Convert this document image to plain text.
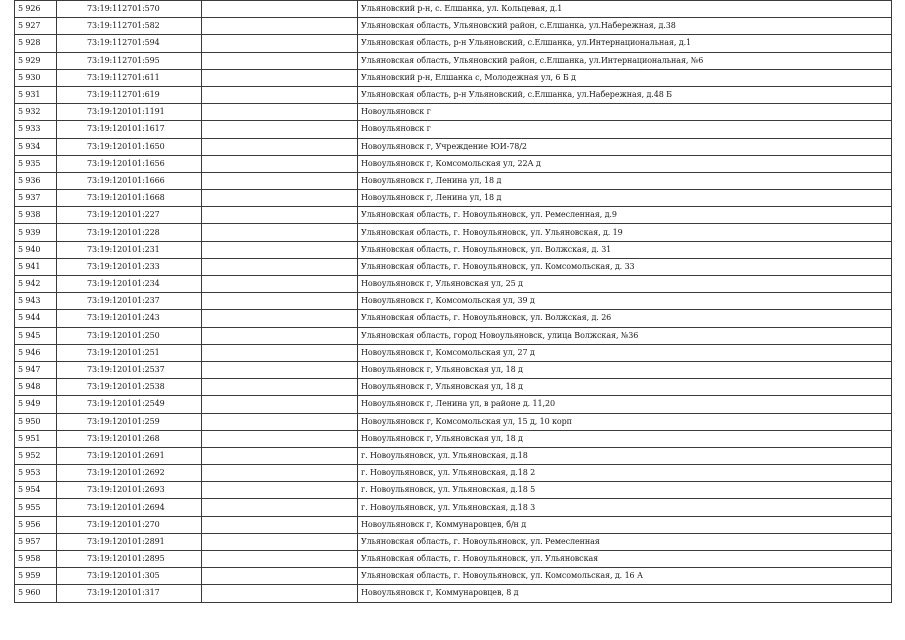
5 926	73:19:112701:570		Ульяновский р-н, с. Елшанка, ул. Кольцевая, д.1
5 927	73:19:112701:582		Ульяновская область, Ульяновский район, с.Елшанка, ул.Набережная, д.38
5 928	73:19:112701:594		Ульяновская область, р-н Ульяновский, с.Елшанка, ул.Интернациональная, д.1
5 929	73:19:112701:595		Ульяновская область, Ульяновский район, с.Елшанка, ул.Интернациональная, №6
5 930	73:19:112701:611		Ульяновский р-н, Елшанка с, Молодежная ул, 6 Б д
5 931	73:19:112701:619		Ульяновская область, р-н Ульяновский, с.Елшанка, ул.Набережная, д.48 Б
5 932	73:19:120101:1191		Новоульяновск г
5 933	73:19:120101:1617		Новоульяновск г
5 934	73:19:120101:1650		Новоульяновск г, Учреждение ЮИ-78/2
5 935	73:19:120101:1656		Новоульяновск г, Комсомольская ул, 22А д
5 936	73:19:120101:1666		Новоульяновск г, Ленина ул, 18 д
5 937	73:19:120101:1668		Новоульяновск г, Ленина ул, 18 д
5 938	73:19:120101:227		Ульяновская область, г. Новоульяновск, ул. Ремесленная, д.9
5 939	73:19:120101:228		Ульяновская область, г. Новоульяновск, ул. Ульяновская, д. 19
5 940	73:19:120101:231		Ульяновская область, г. Новоульяновск, ул. Волжская, д. 31
5 941	73:19:120101:233		Ульяновская область, г. Новоульяновск, ул. Комсомольская, д. 33
5 942	73:19:120101:234		Новоульяновск г, Ульяновская ул, 25 д
5 943	73:19:120101:237		Новоульяновск г, Комсомольская ул, 39 д
5 944	73:19:120101:243		Ульяновская область, г. Новоульяновск, ул. Волжская, д. 26
5 945	73:19:120101:250		Ульяновская область, город Новоульяновск, улица Волжская, №36
5 946	73:19:120101:251		Новоульяновск г, Комсомольская ул, 27 д
5 947	73:19:120101:2537		Новоульяновск г, Ульяновская ул, 18 д
5 948	73:19:120101:2538		Новоульяновск г, Ульяновская ул, 18 д
5 949	73:19:120101:2549		Новоульяновск г, Ленина ул, в районе д. 11,20
5 950	73:19:120101:259		Новоульяновск г, Комсомольская ул, 15 д, 10 корп
5 951	73:19:120101:268		Новоульяновск г, Ульяновская ул, 18 д
5 952	73:19:120101:2691		г. Новоульяновск, ул. Ульяновская, д.18
5 953	73:19:120101:2692		г. Новоульяновск, ул. Ульяновская, д.18 2
5 954	73:19:120101:2693		г. Новоульяновск, ул. Ульяновская, д.18 5
5 955	73:19:120101:2694		г. Новоульяновск, ул. Ульяновская, д.18 3
5 956	73:19:120101:270		Новоульяновск г, Коммунаровцев, б/н д
5 957	73:19:120101:2891		Ульяновская область, г. Новоульяновск, ул. Ремесленная
5 958	73:19:120101:2895		Ульяновская область, г. Новоульяновск, ул. Ульяновская
5 959	73:19:120101:305		Ульяновская область, г. Новоульяновск, ул. Комсомольская, д. 16 А
5 960	73:19:120101:317		Новоульяновск г, Коммунаровцев, 8 д
